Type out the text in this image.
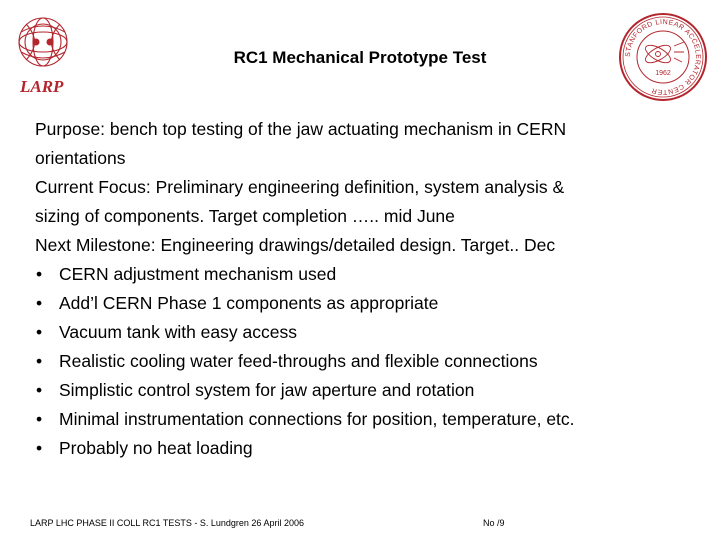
LARP
STANFORD LINEAR ACCELERATOR CENTER
1962
RC1 Mechanical Prototype Test
Purpose: bench top testing of the jaw actuating mechanism in CERN
orientations
Current Focus: Preliminary engineering definition, system analysis &
sizing of components. Target completion ….. mid June
Next Milestone: Engineering drawings/detailed design. Target.. Dec
• CERN adjustment mechanism used
• Add’l CERN Phase 1 components as appropriate
• Vacuum tank with easy access
• Realistic cooling water feed-throughs and flexible connections
• Simplistic control system for jaw aperture and rotation
• Minimal instrumentation connections for position, temperature, etc.
• Probably no heat loading
LARP LHC PHASE II COLL RC1 TESTS - S. Lundgren 26 April 2006	No /9
